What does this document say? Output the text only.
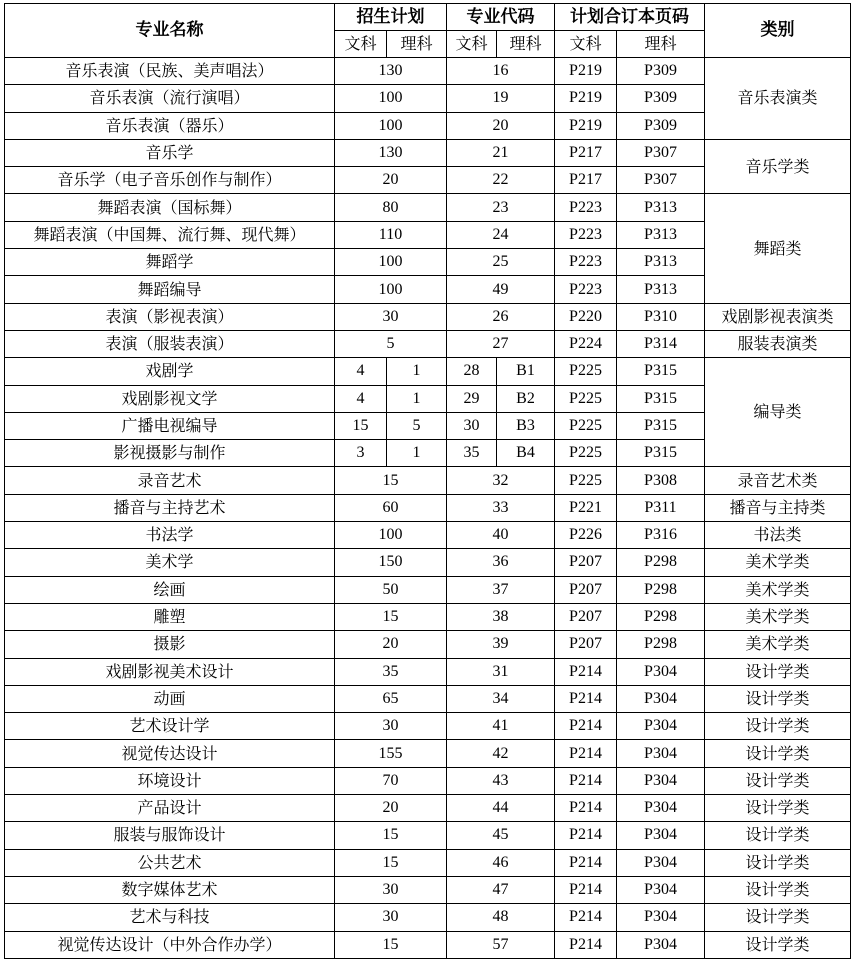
专业名称	招生计划		专业代码		计划合订本页码		类别
	文科	理科	文科	理科	文科	理科	
音乐表演（民族、美声唱法）	130		16		P219	P309	音乐表演类
音乐表演（流行演唱）	100		19		P219	P309	
音乐表演（器乐）	100		20		P219	P309	
音乐学	130		21		P217	P307	音乐学类
音乐学（电子音乐创作与制作）	20		22		P217	P307	
舞蹈表演（国标舞）	80		23		P223	P313	舞蹈类
舞蹈表演（中国舞、流行舞、现代舞）	110		24		P223	P313	
舞蹈学	100		25		P223	P313	
舞蹈编导	100		49		P223	P313	
表演（影视表演）	30		26		P220	P310	戏剧影视表演类
表演（服装表演）	5		27		P224	P314	服装表演类
戏剧学	4	1	28	B1	P225	P315	编导类
戏剧影视文学	4	1	29	B2	P225	P315	
广播电视编导	15	5	30	B3	P225	P315	
影视摄影与制作	3	1	35	B4	P225	P315	
录音艺术	15		32		P225	P308	录音艺术类
播音与主持艺术	60		33		P221	P311	播音与主持类
书法学	100		40		P226	P316	书法类
美术学	150		36		P207	P298	美术学类
绘画	50		37		P207	P298	美术学类
雕塑	15		38		P207	P298	美术学类
摄影	20		39		P207	P298	美术学类
戏剧影视美术设计	35		31		P214	P304	设计学类
动画	65		34		P214	P304	设计学类
艺术设计学	30		41		P214	P304	设计学类
视觉传达设计	155		42		P214	P304	设计学类
环境设计	70		43		P214	P304	设计学类
产品设计	20		44		P214	P304	设计学类
服装与服饰设计	15		45		P214	P304	设计学类
公共艺术	15		46		P214	P304	设计学类
数字媒体艺术	30		47		P214	P304	设计学类
艺术与科技	30		48		P214	P304	设计学类
视觉传达设计（中外合作办学）	15		57		P214	P304	设计学类
